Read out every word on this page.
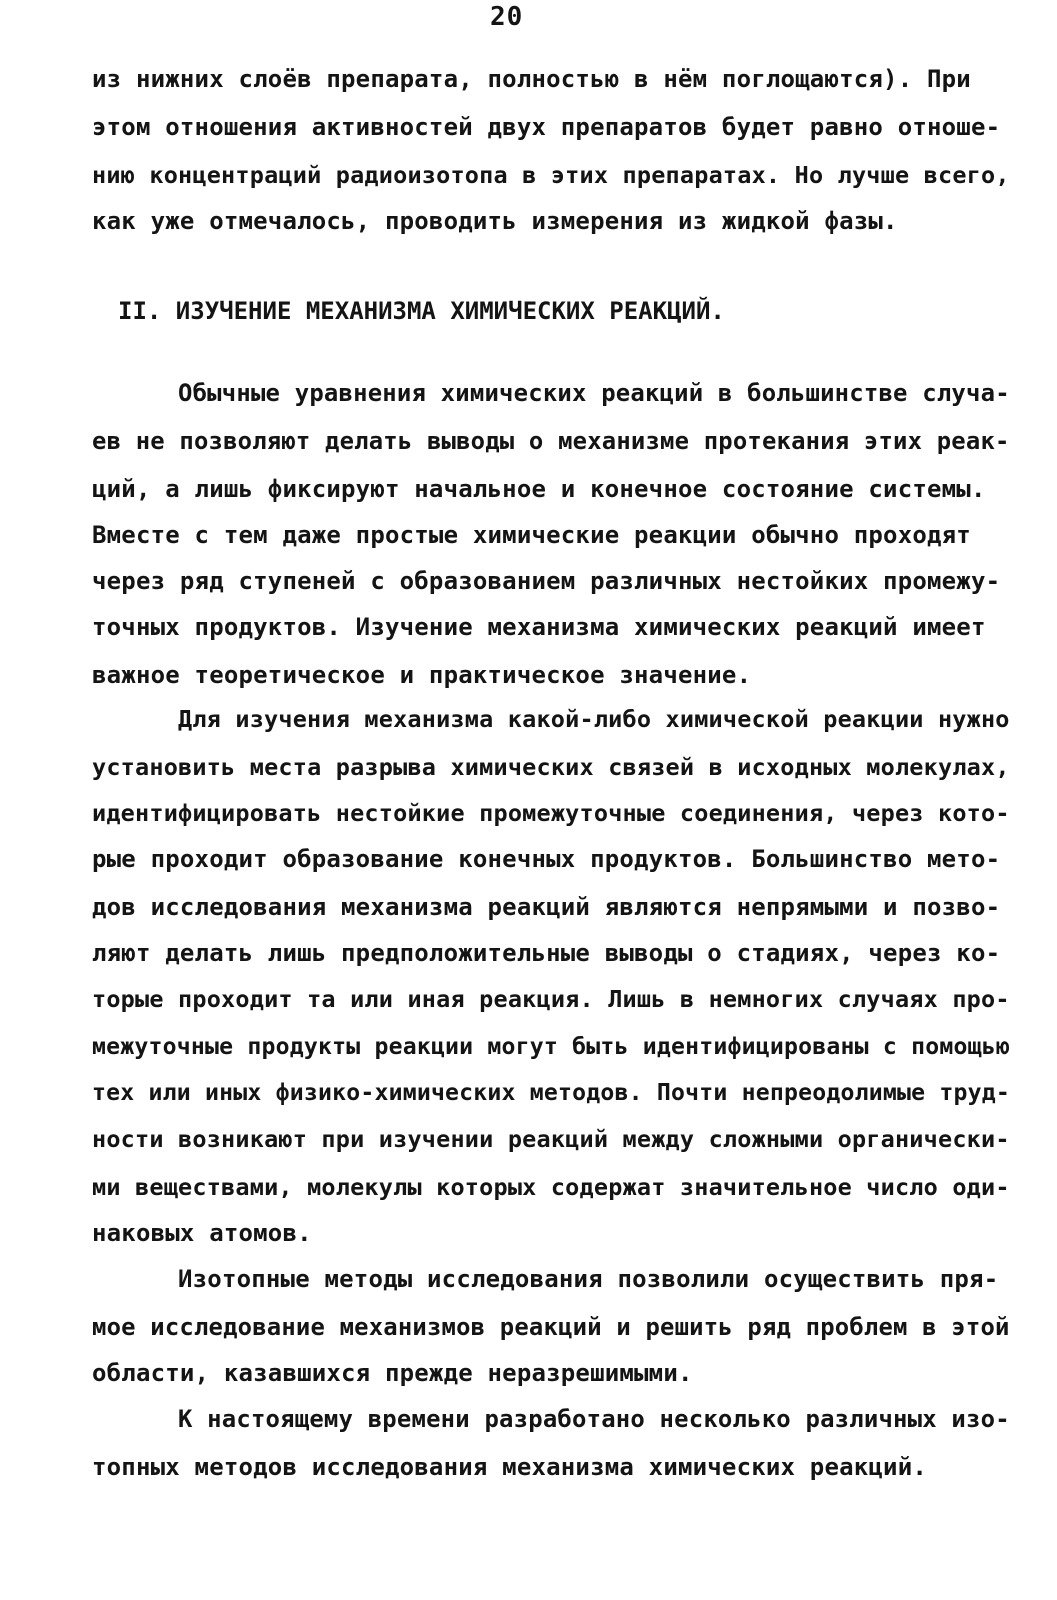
20
из нижних слоёв препарата, полностью в нём поглощаются). При
этом отношения активностей двух препаратов будет равно отноше-
нию концентраций радиоизотопа в этих препаратах. Но лучше всего,
как уже отмечалось, проводить измерения из жидкой фазы.
II. ИЗУЧЕНИЕ МЕХАНИЗМА ХИМИЧЕСКИХ РЕАКЦИЙ.
Обычные уравнения химических реакций в большинстве случа-
ев не позволяют делать выводы о механизме протекания этих реак-
ций, а лишь фиксируют начальное и конечное состояние системы.
Вместе с тем даже простые химические реакции обычно проходят
через ряд ступеней с образованием различных нестойких промежу-
точных продуктов. Изучение механизма химических реакций имеет
важное теоретическое и практическое значение.
Для изучения механизма какой-либо химической реакции нужно
установить места разрыва химических связей в исходных молекулах,
идентифицировать нестойкие промежуточные соединения, через кото-
рые проходит образование конечных продуктов. Большинство мето-
дов исследования механизма реакций являются непрямыми и позво-
ляют делать лишь предположительные выводы о стадиях, через ко-
торые проходит та или иная реакция. Лишь в немногих случаях про-
межуточные продукты реакции могут быть идентифицированы с помощью
тех или иных физико-химических методов. Почти непреодолимые труд-
ности возникают при изучении реакций между сложными органически-
ми веществами, молекулы которых содержат значительное число оди-
наковых атомов.
Изотопные методы исследования позволили осуществить пря-
мое исследование механизмов реакций и решить ряд проблем в этой
области, казавшихся прежде неразрешимыми.
К настоящему времени разработано несколько различных изо-
топных методов исследования механизма химических реакций.
